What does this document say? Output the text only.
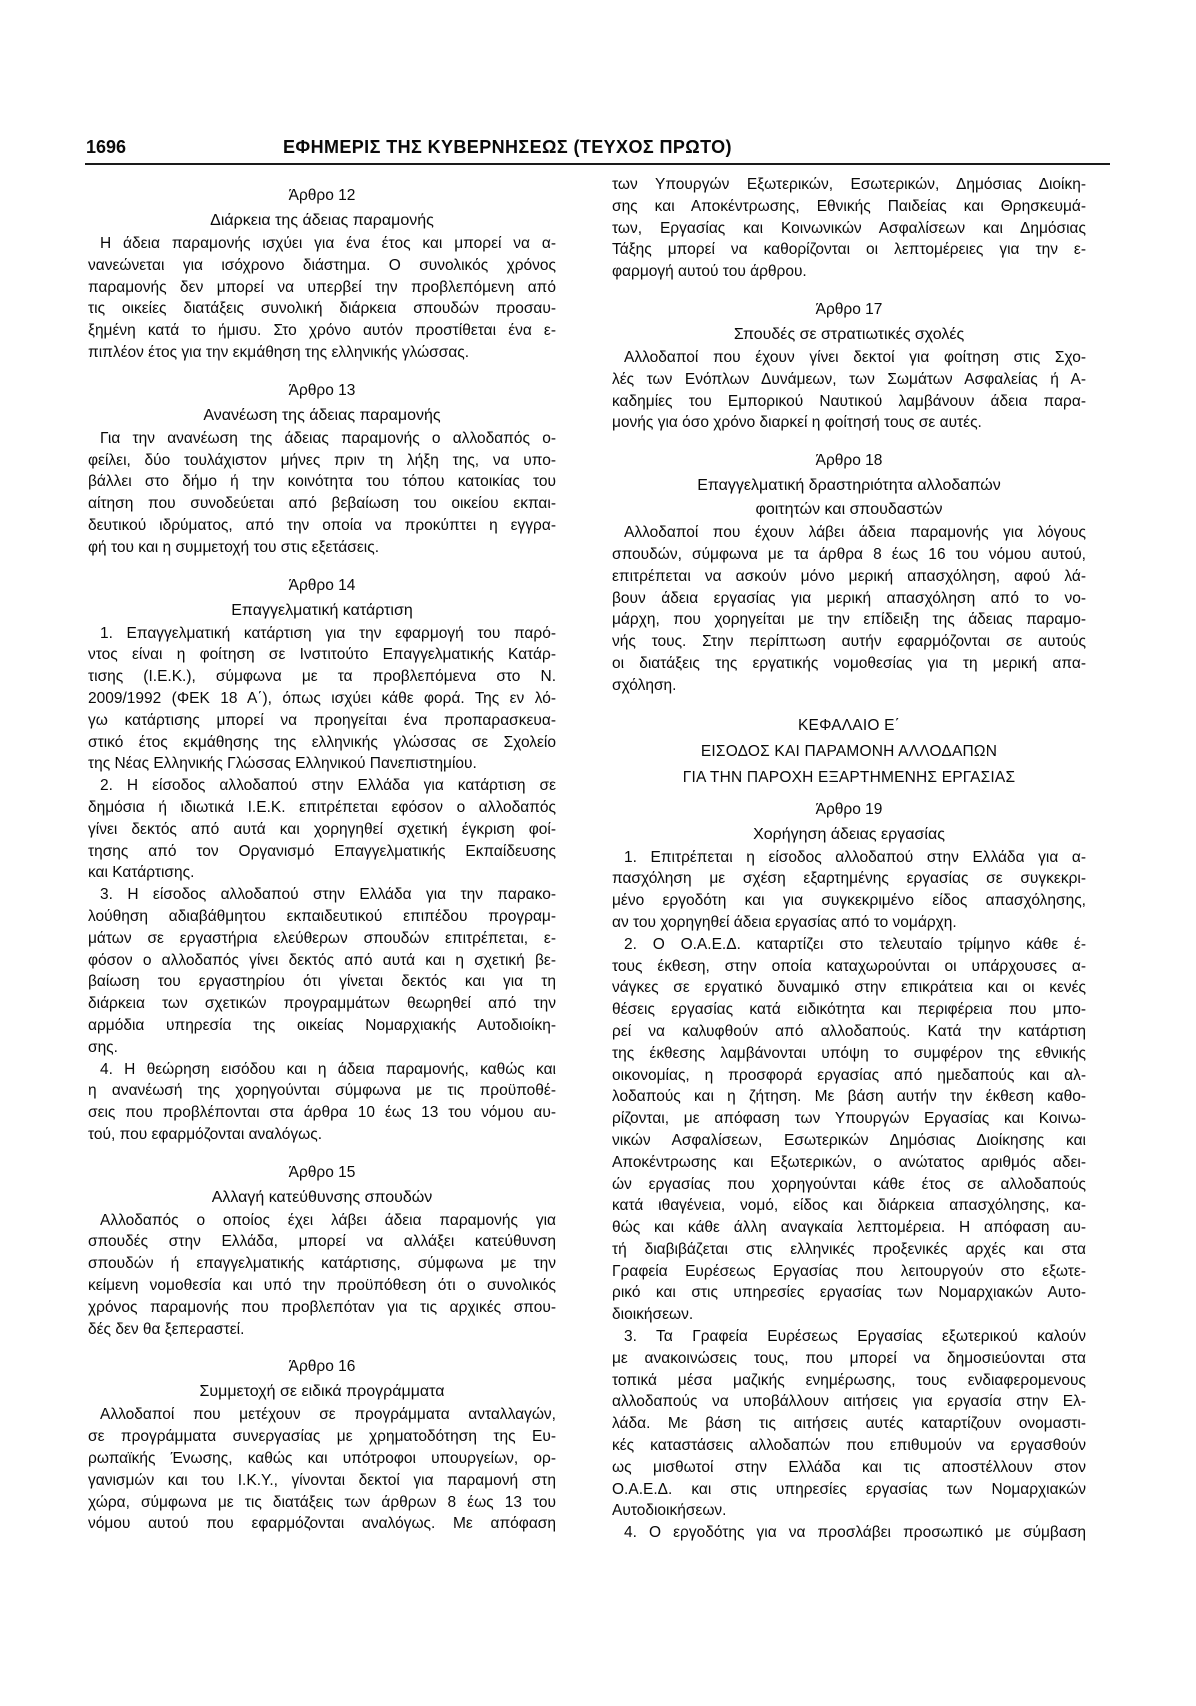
1696	ΕΦΗΜΕΡΙΣ ΤΗΣ ΚΥΒΕΡΝΗΣΕΩΣ (ΤΕΥΧΟΣ ΠΡΩΤΟ)
Άρθρο 12
Διάρκεια της άδειας παραμονής
Η άδεια παραμονής ισχύει για ένα έτος και μπορεί να α-
νανεώνεται για ισόχρονο διάστημα. Ο συνολικός χρόνος
παραμονής δεν μπορεί να υπερβεί την προβλεπόμενη από
τις οικείες διατάξεις συνολική διάρκεια σπουδών προσαυ-
ξημένη κατά το ήμισυ. Στο χρόνο αυτόν προστίθεται ένα ε-
πιπλέον έτος για την εκμάθηση της ελληνικής γλώσσας.
Άρθρο 13
Ανανέωση της άδειας παραμονής
Για την ανανέωση της άδειας παραμονής ο αλλοδαπός ο-
φείλει, δύο τουλάχιστον μήνες πριν τη λήξη της, να υπο-
βάλλει στο δήμο ή την κοινότητα του τόπου κατοικίας του
αίτηση που συνοδεύεται από βεβαίωση του οικείου εκπαι-
δευτικού ιδρύματος, από την οποία να προκύπτει η εγγρα-
φή του και η συμμετοχή του στις εξετάσεις.
Άρθρο 14
Επαγγελματική κατάρτιση
1. Επαγγελματική κατάρτιση για την εφαρμογή του παρό-
ντος είναι η φοίτηση σε Ινστιτούτο Επαγγελματικής Κατάρ-
τισης (Ι.Ε.Κ.), σύμφωνα με τα προβλεπόμενα στο Ν.
2009/1992 (ΦΕΚ 18 Α΄), όπως ισχύει κάθε φορά. Της εν λό-
γω κατάρτισης μπορεί να προηγείται ένα προπαρασκευα-
στικό έτος εκμάθησης της ελληνικής γλώσσας σε Σχολείο
της Νέας Ελληνικής Γλώσσας Ελληνικού Πανεπιστημίου.
2. Η είσοδος αλλοδαπού στην Ελλάδα για κατάρτιση σε
δημόσια ή ιδιωτικά Ι.Ε.Κ. επιτρέπεται εφόσον ο αλλοδαπός
γίνει δεκτός από αυτά και χορηγηθεί σχετική έγκριση φοί-
τησης από τον Οργανισμό Επαγγελματικής Εκπαίδευσης
και Κατάρτισης.
3. Η είσοδος αλλοδαπού στην Ελλάδα για την παρακο-
λούθηση αδιαβάθμητου εκπαιδευτικού επιπέδου προγραμ-
μάτων σε εργαστήρια ελεύθερων σπουδών επιτρέπεται, ε-
φόσον ο αλλοδαπός γίνει δεκτός από αυτά και η σχετική βε-
βαίωση του εργαστηρίου ότι γίνεται δεκτός και για τη
διάρκεια των σχετικών προγραμμάτων θεωρηθεί από την
αρμόδια υπηρεσία της οικείας Νομαρχιακής Αυτοδιοίκη-
σης.
4. Η θεώρηση εισόδου και η άδεια παραμονής, καθώς και
η ανανέωσή της χορηγούνται σύμφωνα με τις προϋποθέ-
σεις που προβλέπονται στα άρθρα 10 έως 13 του νόμου αυ-
τού, που εφαρμόζονται αναλόγως.
Άρθρο 15
Αλλαγή κατεύθυνσης σπουδών
Αλλοδαπός ο οποίος έχει λάβει άδεια παραμονής για
σπουδές στην Ελλάδα, μπορεί να αλλάξει κατεύθυνση
σπουδών ή επαγγελματικής κατάρτισης, σύμφωνα με την
κείμενη νομοθεσία και υπό την προϋπόθεση ότι ο συνολικός
χρόνος παραμονής που προβλεπόταν για τις αρχικές σπου-
δές δεν θα ξεπεραστεί.
Άρθρο 16
Συμμετοχή σε ειδικά προγράμματα
Αλλοδαποί που μετέχουν σε προγράμματα ανταλλαγών,
σε προγράμματα συνεργασίας με χρηματοδότηση της Ευ-
ρωπαϊκής Ένωσης, καθώς και υπότροφοι υπουργείων, ορ-
γανισμών και του Ι.Κ.Υ., γίνονται δεκτοί για παραμονή στη
χώρα, σύμφωνα με τις διατάξεις των άρθρων 8 έως 13 του
νόμου αυτού που εφαρμόζονται αναλόγως. Με απόφαση
των Υπουργών Εξωτερικών, Εσωτερικών, Δημόσιας Διοίκη-
σης και Αποκέντρωσης, Εθνικής Παιδείας και Θρησκευμά-
των, Εργασίας και Κοινωνικών Ασφαλίσεων και Δημόσιας
Τάξης μπορεί να καθορίζονται οι λεπτομέρειες για την ε-
φαρμογή αυτού του άρθρου.
Άρθρο 17
Σπουδές σε στρατιωτικές σχολές
Αλλοδαποί που έχουν γίνει δεκτοί για φοίτηση στις Σχο-
λές των Ενόπλων Δυνάμεων, των Σωμάτων Ασφαλείας ή Α-
καδημίες του Εμπορικού Ναυτικού λαμβάνουν άδεια παρα-
μονής για όσο χρόνο διαρκεί η φοίτησή τους σε αυτές.
Άρθρο 18
Επαγγελματική δραστηριότητα αλλοδαπών
φοιτητών και σπουδαστών
Αλλοδαποί που έχουν λάβει άδεια παραμονής για λόγους
σπουδών, σύμφωνα με τα άρθρα 8 έως 16 του νόμου αυτού,
επιτρέπεται να ασκούν μόνο μερική απασχόληση, αφού λά-
βουν άδεια εργασίας για μερική απασχόληση από το νο-
μάρχη, που χορηγείται με την επίδειξη της άδειας παραμο-
νής τους. Στην περίπτωση αυτήν εφαρμόζονται σε αυτούς
οι διατάξεις της εργατικής νομοθεσίας για τη μερική απα-
σχόληση.
ΚΕΦΑΛΑΙΟ Ε΄
ΕΙΣΟΔΟΣ ΚΑΙ ΠΑΡΑΜΟΝΗ ΑΛΛΟΔΑΠΩΝ
ΓΙΑ ΤΗΝ ΠΑΡΟΧΗ ΕΞΑΡΤΗΜΕΝΗΣ ΕΡΓΑΣΙΑΣ
Άρθρο 19
Χορήγηση άδειας εργασίας
1. Επιτρέπεται η είσοδος αλλοδαπού στην Ελλάδα για α-
πασχόληση με σχέση εξαρτημένης εργασίας σε συγκεκρι-
μένο εργοδότη και για συγκεκριμένο είδος απασχόλησης,
αν του χορηγηθεί άδεια εργασίας από το νομάρχη.
2. Ο Ο.Α.Ε.Δ. καταρτίζει στο τελευταίο τρίμηνο κάθε έ-
τους έκθεση, στην οποία καταχωρούνται οι υπάρχουσες α-
νάγκες σε εργατικό δυναμικό στην επικράτεια και οι κενές
θέσεις εργασίας κατά ειδικότητα και περιφέρεια που μπο-
ρεί να καλυφθούν από αλλοδαπούς. Κατά την κατάρτιση
της έκθεσης λαμβάνονται υπόψη το συμφέρον της εθνικής
οικονομίας, η προσφορά εργασίας από ημεδαπούς και αλ-
λοδαπούς και η ζήτηση. Με βάση αυτήν την έκθεση καθο-
ρίζονται, με απόφαση των Υπουργών Εργασίας και Κοινω-
νικών Ασφαλίσεων, Εσωτερικών Δημόσιας Διοίκησης και
Αποκέντρωσης και Εξωτερικών, ο ανώτατος αριθμός αδει-
ών εργασίας που χορηγούνται κάθε έτος σε αλλοδαπούς
κατά ιθαγένεια, νομό, είδος και διάρκεια απασχόλησης, κα-
θώς και κάθε άλλη αναγκαία λεπτομέρεια. Η απόφαση αυ-
τή διαβιβάζεται στις ελληνικές προξενικές αρχές και στα
Γραφεία Ευρέσεως Εργασίας που λειτουργούν στο εξωτε-
ρικό και στις υπηρεσίες εργασίας των Νομαρχιακών Αυτο-
διοικήσεων.
3. Τα Γραφεία Ευρέσεως Εργασίας εξωτερικού καλούν
με ανακοινώσεις τους, που μπορεί να δημοσιεύονται στα
τοπικά μέσα μαζικής ενημέρωσης, τους ενδιαφερομενους
αλλοδαπούς να υποβάλλουν αιτήσεις για εργασία στην Ελ-
λάδα. Με βάση τις αιτήσεις αυτές καταρτίζουν ονομαστι-
κές καταστάσεις αλλοδαπών που επιθυμούν να εργασθούν
ως μισθωτοί στην Ελλάδα και τις αποστέλλουν στον
Ο.Α.Ε.Δ. και στις υπηρεσίες εργασίας των Νομαρχιακών
Αυτοδιοικήσεων.
4. Ο εργοδότης για να προσλάβει προσωπικό με σύμβαση
